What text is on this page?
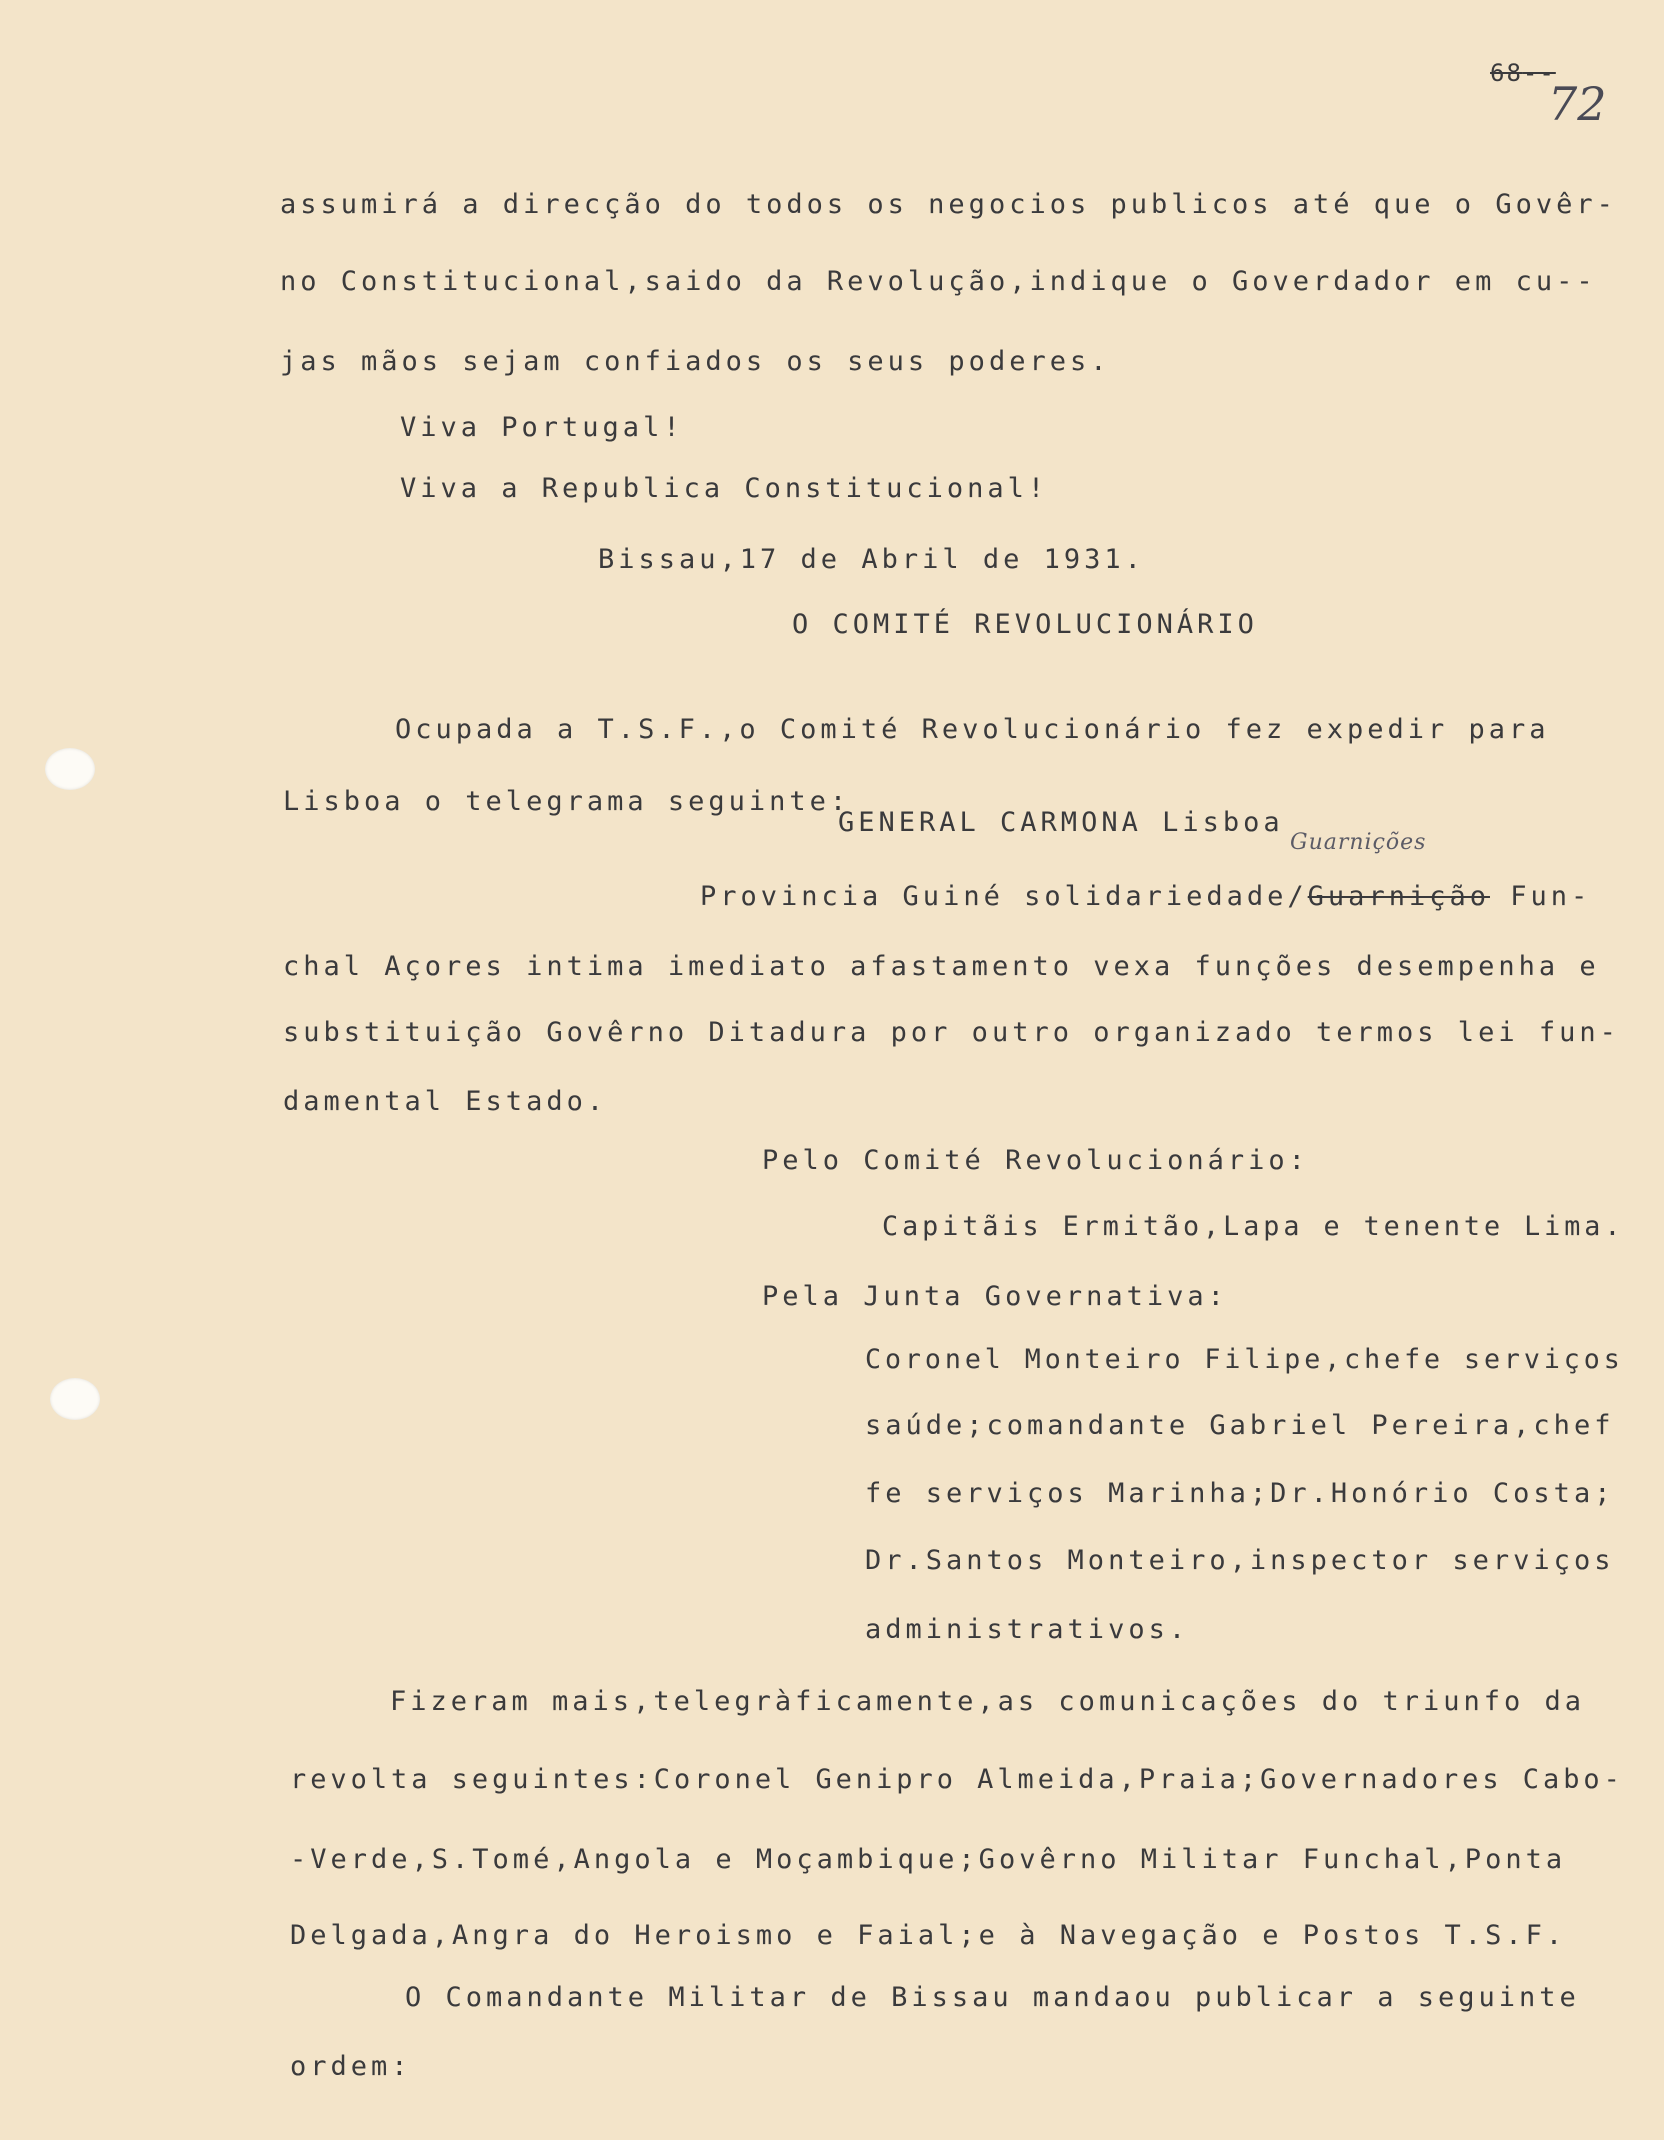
68--
72
assumirá a direcção do todos os negocios publicos até que o Govêr-
no Constitucional,saido da Revolução,indique o Goverdador em cu--
jas mãos sejam confiados os seus poderes.
Viva Portugal!
Viva a Republica Constitucional!
Bissau,17 de Abril de 1931.
O COMITÉ REVOLUCIONÁRIO
Ocupada a T.S.F.,o Comité Revolucionário fez expedir para
Lisboa o telegrama seguinte:
GENERAL CARMONA Lisboa
Guarnições
Provincia Guiné solidariedade/Guarnição Fun-
chal Açores intima imediato afastamento vexa funções desempenha e
substituição Govêrno Ditadura por outro organizado termos lei fun-
damental Estado.
Pelo Comité Revolucionário:
Capitãis Ermitão,Lapa e tenente Lima.
Pela Junta Governativa:
Coronel Monteiro Filipe,chefe serviços
saúde;comandante Gabriel Pereira,chef
fe serviços Marinha;Dr.Honório Costa;
Dr.Santos Monteiro,inspector serviços
administrativos.
Fizeram mais,telegràficamente,as comunicações do triunfo da
revolta seguintes:Coronel Genipro Almeida,Praia;Governadores Cabo-
-Verde,S.Tomé,Angola e Moçambique;Govêrno Militar Funchal,Ponta
Delgada,Angra do Heroismo e Faial;e à Navegação e Postos T.S.F.
O Comandante Militar de Bissau mandaou publicar a seguinte
ordem:
